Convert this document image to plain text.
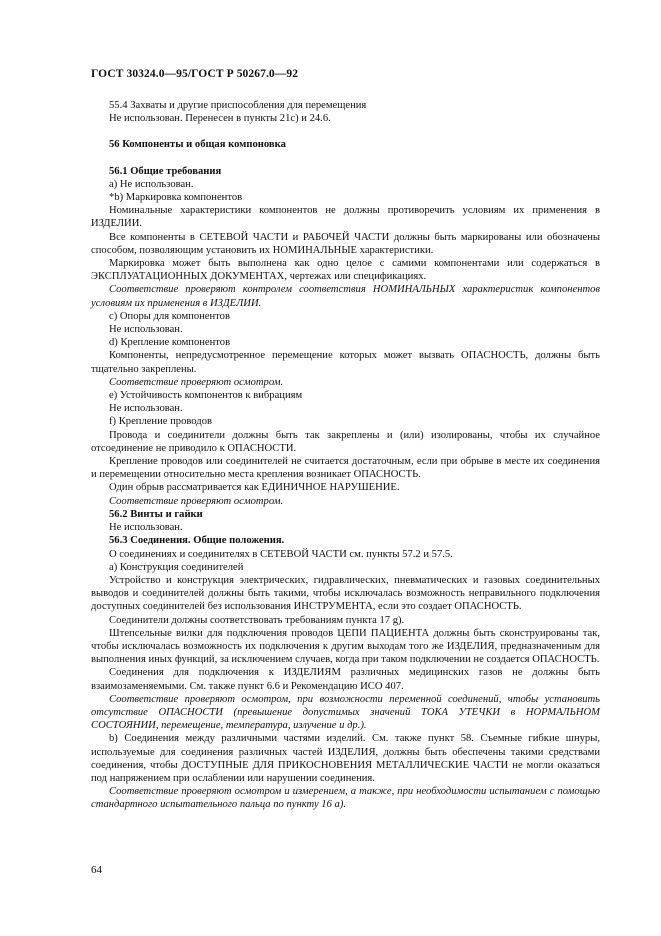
ГОСТ 30324.0—95/ГОСТ Р 50267.0—92

55.4 Захваты и другие приспособления для перемещения

Не использован. Перенесен в пункты 21с) и 24.6.

56 Компоненты и общая компоновка

56.1 Общие требования

а) Не использован.

*b) Маркировка компонентов

Номинальные характеристики компонентов не должны противоречить условиям их применения в ИЗДЕЛИИ.

Все компоненты в СЕТЕВОЙ ЧАСТИ и РАБОЧЕЙ ЧАСТИ должны быть маркированы или обозначены способом, позволяющим установить их НОМИНАЛЬНЫЕ характеристики.

Маркировка может быть выполнена как одно целое с самими компонентами или содержаться в ЭКСПЛУАТАЦИОННЫХ ДОКУМЕНТАХ, чертежах или спецификациях.

Соответствие проверяют контролем соответствия НОМИНАЛЬНЫХ характеристик компонентов условиям их применения в ИЗДЕЛИИ.

с) Опоры для компонентов

Не использован.

d) Крепление компонентов

Компоненты, непредусмотренное перемещение которых может вызвать ОПАСНОСТЬ, должны быть тщательно закреплены.

Соответствие проверяют осмотром.

е) Устойчивость компонентов к вибрациям

Не использован.

f) Крепление проводов

Провода и соединители должны быть так закреплены и (или) изолированы, чтобы их случайное отсоединение не приводило к ОПАСНОСТИ.

Крепление проводов или соединителей не считается достаточным, если при обрыве в месте их соединения и перемещении относительно места крепления возникает ОПАСНОСТЬ.

Один обрыв рассматривается как ЕДИНИЧНОЕ НАРУШЕНИЕ.

Соответствие проверяют осмотром.

56.2 Винты и гайки

Не использован.

56.3 Соединения. Общие положения.

О соединениях и соединителях в СЕТЕВОЙ ЧАСТИ см. пункты 57.2 и 57.5.

а) Конструкция соединителей

Устройство и конструкция электрических, гидравлических, пневматических и газовых соединительных выводов и соединителей должны быть такими, чтобы исключалась возможность неправильного подключения доступных соединителей без использования ИНСТРУМЕНТА, если это создает ОПАСНОСТЬ.

Соединители должны соответствовать требованиям пункта 17 g).

Штепсельные вилки для подключения проводов ЦЕПИ ПАЦИЕНТА должны быть сконструированы так, чтобы исключалась возможность их подключения к другим выходам того же ИЗДЕЛИЯ, предназначенным для выполнения иных функций, за исключением случаев, когда при таком подключении не создается ОПАСНОСТЬ.

Соединения для подключения к ИЗДЕЛИЯМ различных медицинских газов не должны быть взаимозаменяемыми. См. также пункт 6.6 и Рекомендацию ИСО 407.

Соответствие проверяют осмотром, при возможности переменной соединений, чтобы установить отсутствие ОПАСНОСТИ (превышение допустимых значений ТОКА УТЕЧКИ в НОРМАЛЬНОМ СОСТОЯНИИ, перемещение, температура, излучение и др.).

b) Соединения между различными частями изделий. См. также пункт 58. Съемные гибкие шнуры, используемые для соединения различных частей ИЗДЕЛИЯ, должны быть обеспечены такими средствами соединения, чтобы ДОСТУПНЫЕ ДЛЯ ПРИКОСНОВЕНИЯ МЕТАЛЛИЧЕСКИЕ ЧАСТИ не могли оказаться под напряжением при ослаблении или нарушении соединения.

Соответствие проверяют осмотром и измерением, а также, при необходимости испытанием с помощью стандартного испытательного пальца по пункту 16 а).

64
